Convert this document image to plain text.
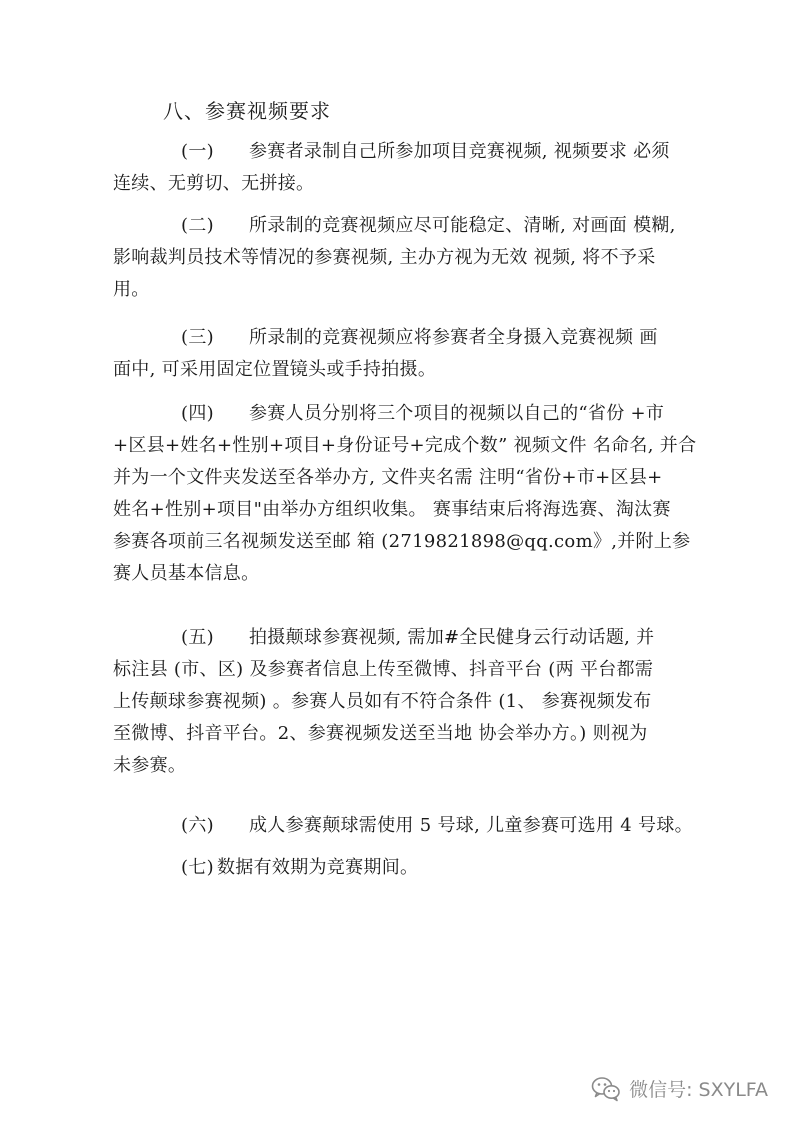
八、参赛视频要求
(一) 参赛者录制自己所参加项目竞赛视频, 视频要求 必须
连续、无剪切、无拼接。
(二) 所录制的竞赛视频应尽可能稳定、清晰, 对画面 模糊,
影响裁判员技术等情况的参赛视频, 主办方视为无效 视频, 将不予采
用。
(三) 所录制的竞赛视频应将参赛者全身摄入竞赛视频 画
面中, 可采用固定位置镜头或手持拍摄。
(四) 参赛人员分别将三个项目的视频以自己的“省份 +市
+区县+姓名+性别+项目+身份证号+完成个数” 视频文件 名命名, 并合
并为一个文件夹发送至各举办方, 文件夹名需 注明“省份+市+区县+
姓名+性别+项目"由举办方组织收集。 赛事结束后将海选赛、淘汰赛
参赛各项前三名视频发送至邮 箱 (2719821898@qq.com》,并附上参
赛人员基本信息。
(五) 拍摄颠球参赛视频, 需加#全民健身云行动话题, 并
标注县 (市、区) 及参赛者信息上传至微博、抖音平台 (两 平台都需
上传颠球参赛视频) 。参赛人员如有不符合条件 (1、 参赛视频发布
至微博、抖音平台。2、参赛视频发送至当地 协会举办方。) 则视为
未参赛。
(六) 成人参赛颠球需使用 5 号球, 儿童参赛可选用 4 号球。
(七) 数据有效期为竞赛期间。
微信号: SXYLFA
